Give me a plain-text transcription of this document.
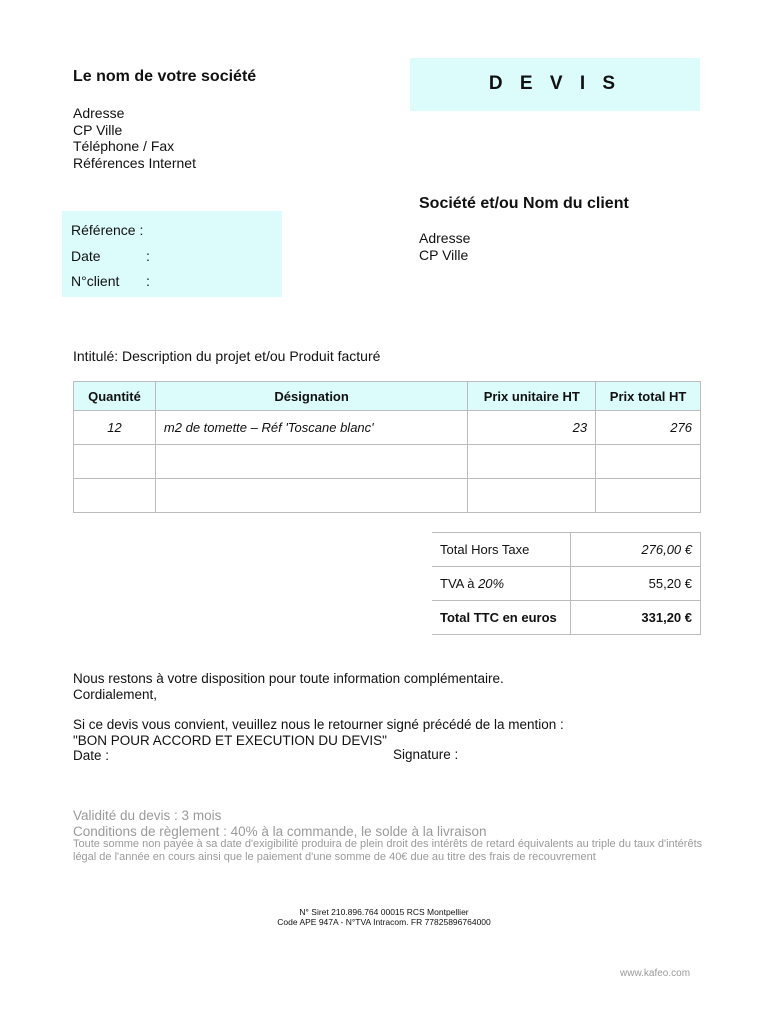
Le nom de votre société
Adresse
CP Ville
Téléphone / Fax
Références Internet
D E V I S
Référence :
Date	:
N°client :
Société et/ou Nom du client
Adresse
CP Ville
Intitulé: Description du projet et/ou Produit facturé
Quantité	Désignation	Prix unitaire HT	Prix total HT
12	m2 de tomette – Réf 'Toscane blanc'	23	276

Total Hors Taxe	276,00 €
TVA à 20%	55,20 €
Total TTC en euros	331,20 €
Nous restons à votre disposition pour toute information complémentaire.
Cordialement,
Si ce devis vous convient, veuillez nous le retourner signé précédé de la mention :
"BON POUR ACCORD ET EXECUTION DU DEVIS"
Date :	Signature :
Validité du devis : 3 mois
Conditions de règlement : 40% à la commande, le solde à la livraison
Toute somme non payée à sa date d'exigibilité produira de plein droit des intérêts de retard équivalents au triple du taux d'intérêts légal de l'année en cours ainsi que le paiement d'une somme de 40€ due au titre des frais de recouvrement
N° Siret 210.896.764 00015 RCS Montpellier
Code APE 947A - N°TVA Intracom. FR 77825896764000
www.kafeo.com
